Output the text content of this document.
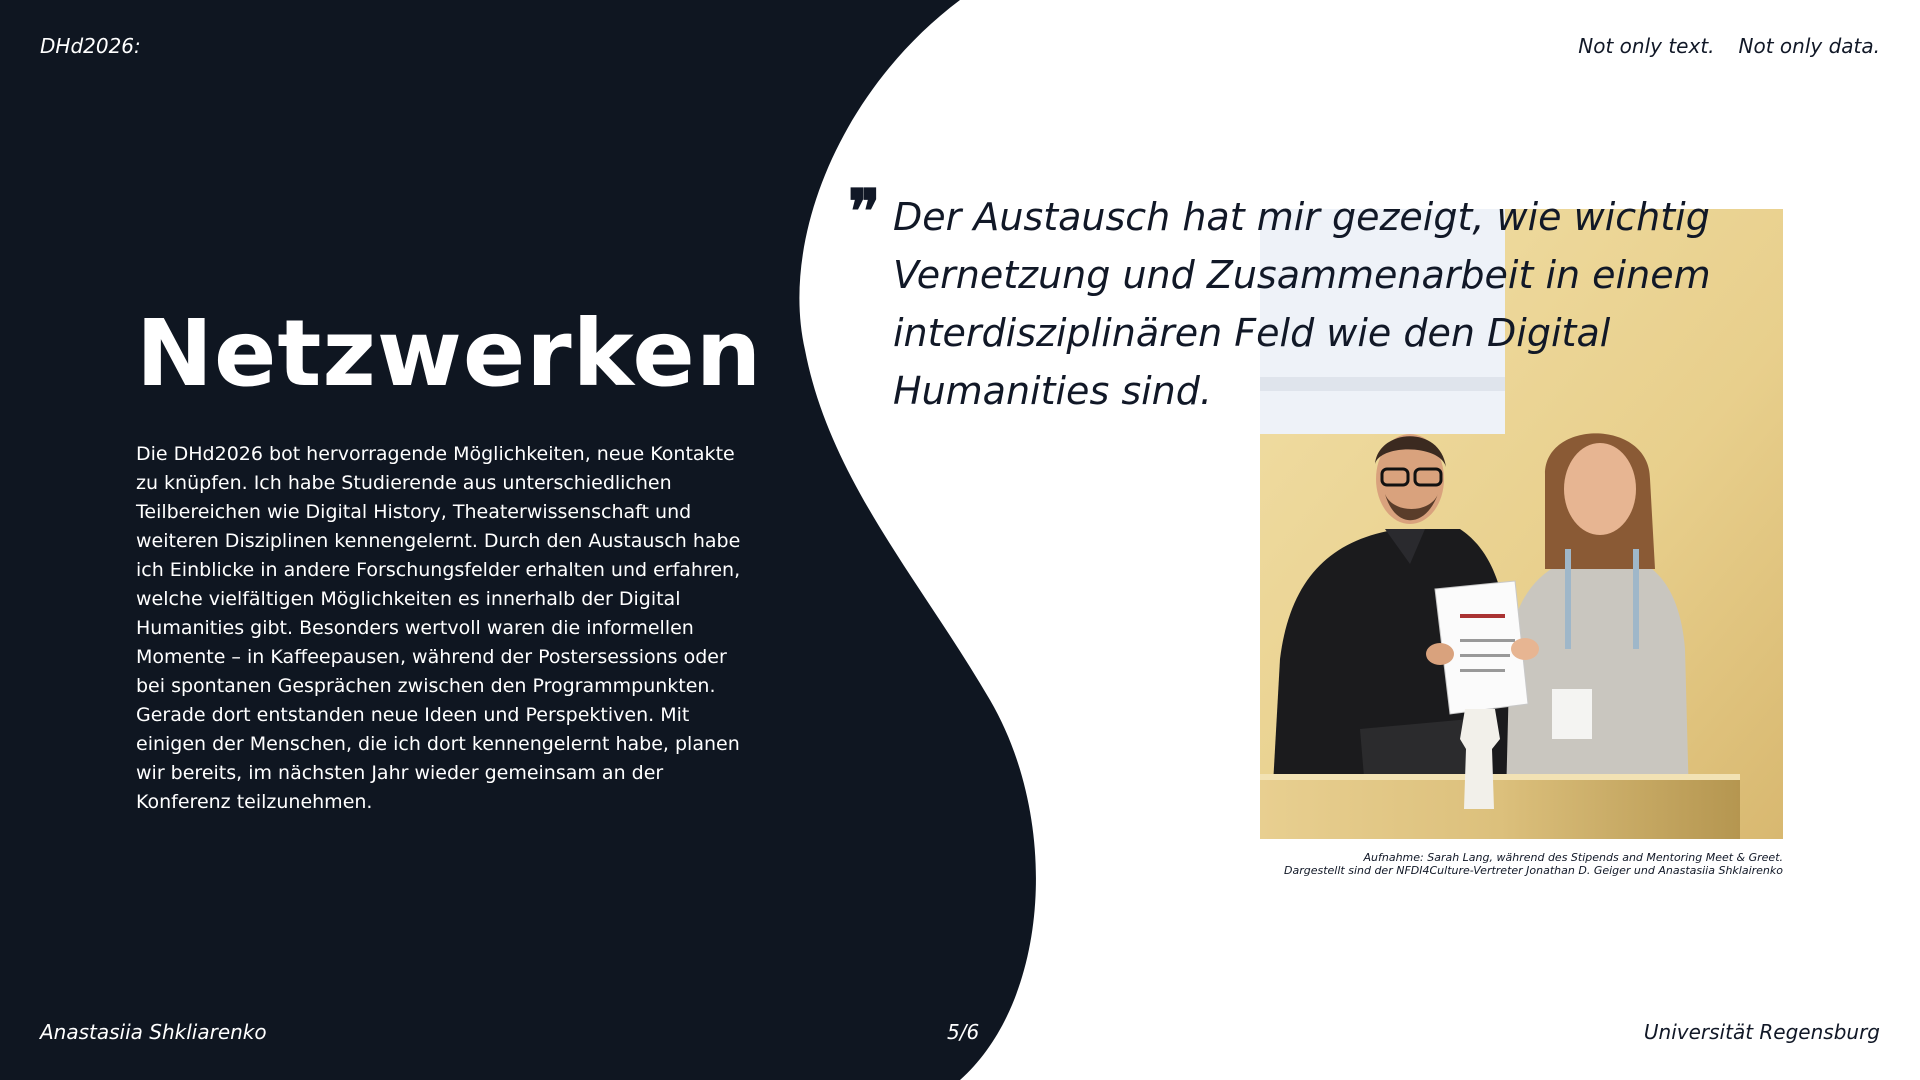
DHd2026:	Not only text. Not only data.
Netzwerken

Die DHd2026 bot hervorragende Möglichkeiten, neue Kontakte zu knüpfen. Ich habe Studierende aus unterschiedlichen Teilbereichen wie Digital History, Theaterwissenschaft und weiteren Disziplinen kennengelernt. Durch den Austausch habe ich Einblicke in andere Forschungsfelder erhalten und erfahren, welche vielfältigen Möglichkeiten es innerhalb der Digital Humanities gibt. Besonders wertvoll waren die informellen Momente – in Kaffeepausen, während der Postersessions oder bei spontanen Gesprächen zwischen den Programmpunkten. Gerade dort entstanden neue Ideen und Perspektiven. Mit einigen der Menschen, die ich dort kennengelernt habe, planen wir bereits, im nächsten Jahr wieder gemeinsam an der Konferenz teilzunehmen.

❞ Der Austausch hat mir gezeigt, wie wichtig Vernetzung und Zusammenarbeit in einem interdisziplinären Feld wie den Digital Humanities sind.

Aufnahme: Sarah Lang, während des Stipends and Mentoring Meet & Greet.
Dargestellt sind der NFDI4Culture-Vertreter Jonathan D. Geiger und Anastasiia Shklairenko
Anastasiia Shkliarenko	5/6	Universität Regensburg
